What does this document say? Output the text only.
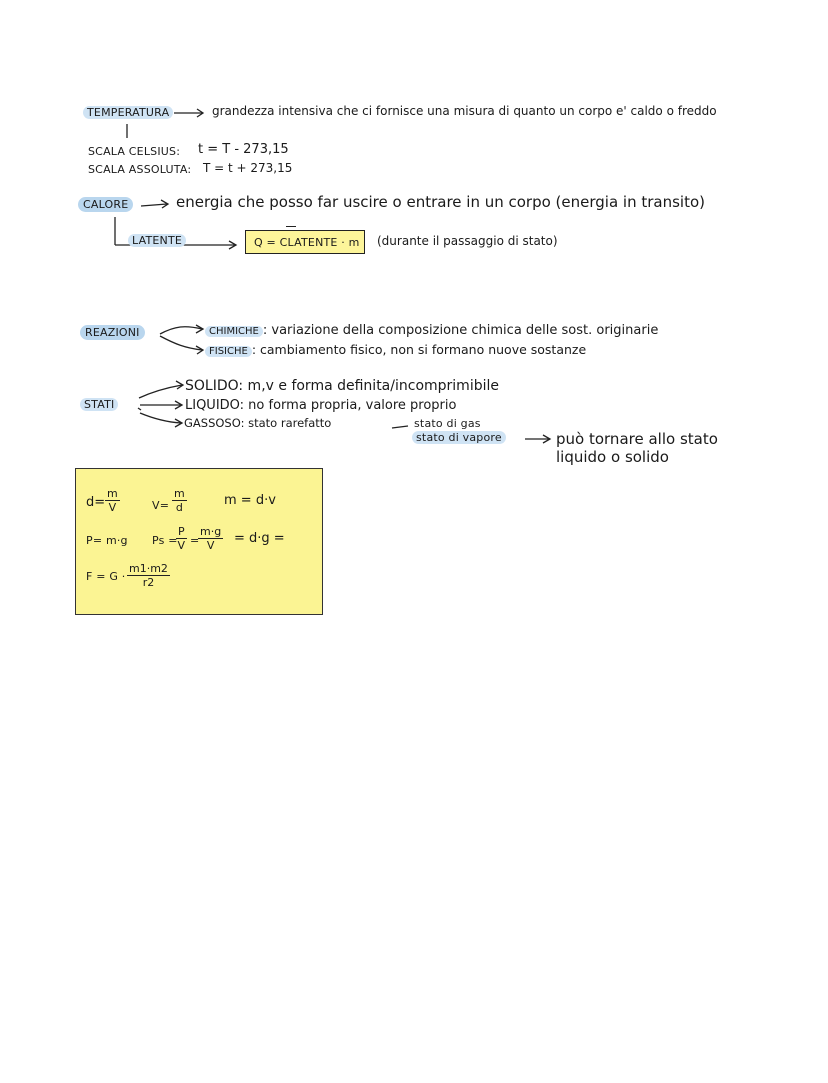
TEMPERATURA	grandezza intensiva che ci fornisce una misura di quanto un corpo e' caldo o freddo
SCALA CELSIUS: t = T - 273,15
SCALA ASSOLUTA: T = t + 273,15
CALORE	energia che posso far uscire o entrare in un corpo (energia in transito)
LATENTE	Q = CLATENTE · m (durante il passaggio di stato)
REAZIONI	CHIMICHE : variazione della composizione chimica delle sost. originarie
FISICHE : cambiamento fisico, non si formano nuove sostanze
STATI
SOLIDO: m,v e forma definita/incomprimibile
LIQUIDO: no forma propria, valore proprio
GASSOSO: stato rarefatto	stato di gas
stato di vapore	può tornare allo stato
liquido o solido
$d= \frac{m}{V}$	$V= \frac{m}{d}$	m = d·v
P= m·g Ps =
$\frac{P}{V}$ =
$\frac{m\cdot g}{V} = d\cdot g$ =
$F = G \cdot \frac{m1\cdot m2}{r2}$
